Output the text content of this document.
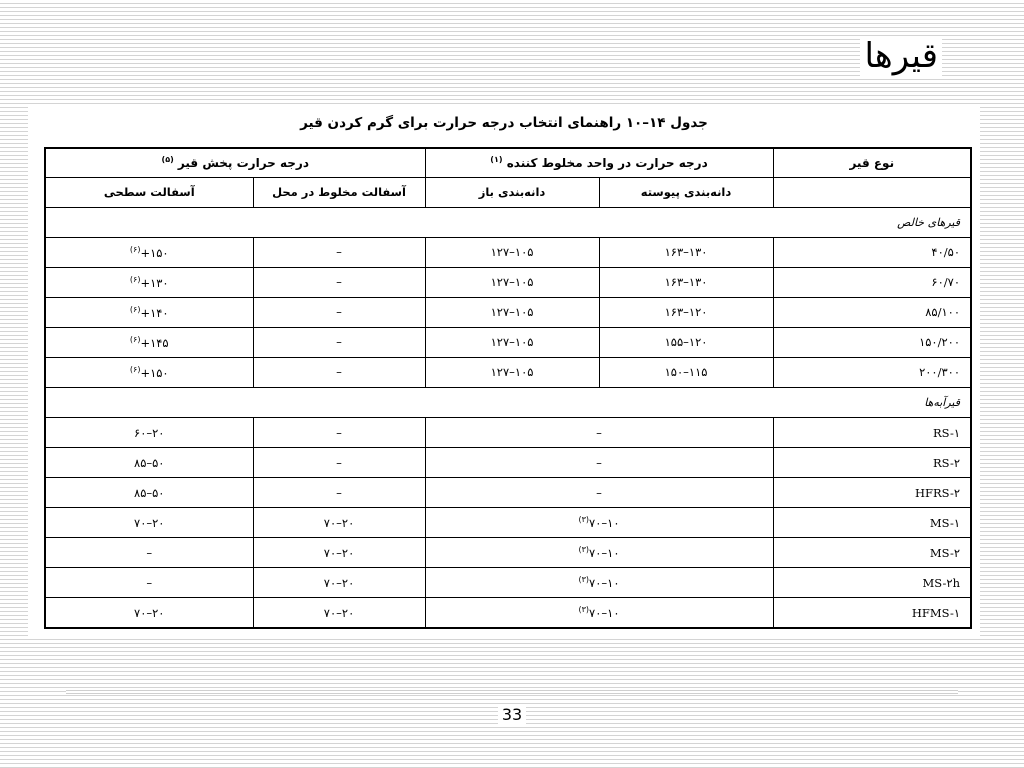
قیرها
جدول ۱۴–۱۰ راهنمای انتخاب درجه حرارت برای گرم کردن قیر
نوع قیر	درجه حرارت در واحد مخلوط کننده $^{(۱)}$		درجه حرارت پخش قیر $^{(۵)}$
	دانه‌بندی پیوسته	دانه‌بندی باز	آسفالت مخلوط در محل	آسفالت سطحی
قیرهای خالص				
۴۰/۵۰	۱۳۰–۱۶۳	۱۰۵–۱۲۷	–	۱۵۰+$^{(۶)}$
۶۰/۷۰	۱۳۰–۱۶۳	۱۰۵–۱۲۷	–	۱۳۰+$^{(۶)}$
۸۵/۱۰۰	۱۲۰–۱۶۳	۱۰۵–۱۲۷	–	۱۴۰+$^{(۶)}$
۱۵۰/۲۰۰	۱۲۰–۱۵۵	۱۰۵–۱۲۷	–	۱۴۵+$^{(۶)}$
۲۰۰/۳۰۰	۱۱۵–۱۵۰	۱۰۵–۱۲۷	–	۱۵۰+$^{(۶)}$
قیرآبه‌ها				
RS-۱	–		–	۲۰–۶۰
RS-۲	–		–	۵۰–۸۵
HFRS-۲	–		–	۵۰–۸۵
MS-۱	۱۰–۷۰$^{(۳)}$		۲۰–۷۰	۲۰–۷۰
MS-۲	۱۰–۷۰$^{(۳)}$		۲۰–۷۰	–
MS-۲h	۱۰–۷۰$^{(۳)}$		۲۰–۷۰	–
HFMS-۱	۱۰–۷۰$^{(۳)}$		۲۰–۷۰	۲۰–۷۰
33
